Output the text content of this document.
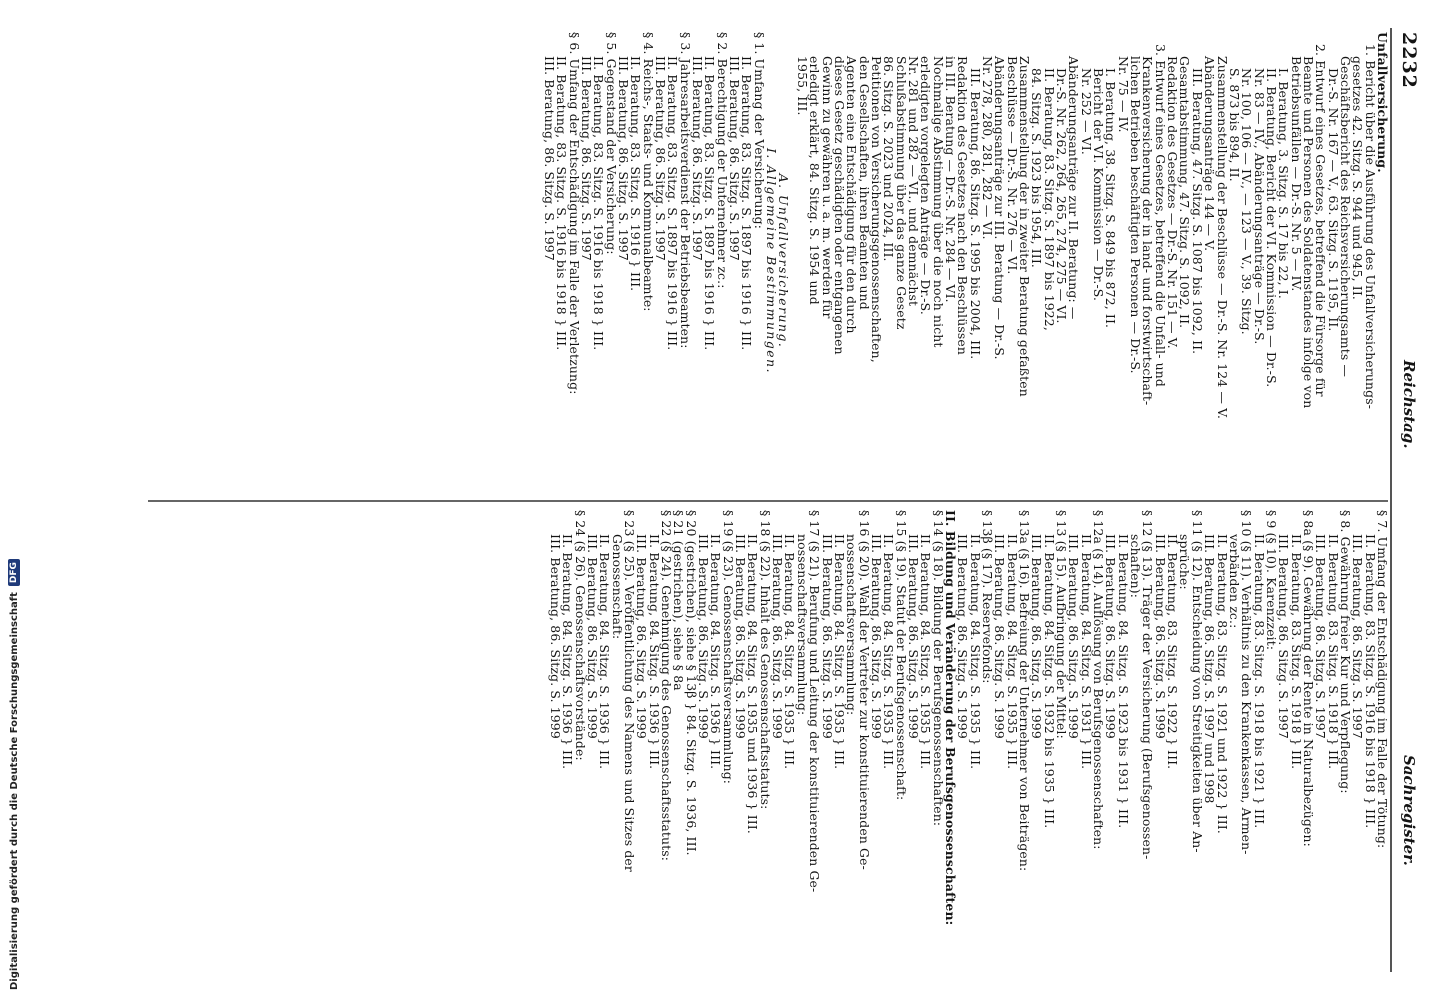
2232
Reichstag.
Sachregister.
Unfallversicherung.
1. Bericht über die Ausführung des Unfallversicherungs-
gesetzes 42. Sitzg. S. 944 und 945, II.
Geschäftsbericht des Reichsversicherungsamts —
Dr.-S. Nr. 167 — V., 63. Sitzg. S. 1195, II.
2. Entwurf eines Gesetzes, betreffend die Fürsorge für
Beamte und Personen des Soldatenstandes infolge von
Betriebsunfällen — Dr.-S. Nr. 5 — IV.
I. Beratung, 3. Sitzg. S. 17 bis 22, I.
II. Beratung, Bericht der VI. Kommission — Dr.-S.
Nr. 83 — IV., Abänderungsanträge — Dr.-S.
Nr. 100, 106 — IV., — 123 — V., 39. Sitzg.
S. 873 bis 894, II.
Zusammenstellung der Beschlüsse — Dr.-S. Nr. 124 — V.
Abänderungsanträge 144 — V.
III. Beratung, 47. Sitzg. S. 1087 bis 1092, II.
Gesamtabstimmung, 47. Sitzg. S. 1092, II.
Redaktion des Gesetzes — Dr.-S. Nr. 151 — V.
3. Entwurf eines Gesetzes, betreffend die Unfall- und
Krankenversicherung der in land- und forstwirtschaft-
lichen Betrieben beschäftigten Personen — Dr.-S.
Nr. 75 — IV.
I. Beratung, 38. Sitzg. S. 849 bis 872, II.
Bericht der VI. Kommission — Dr.-S.
Nr. 252 — VI.
Abänderungsanträge zur II. Beratung: —
Dr.-S. Nr. 262, 264, 265, 274, 275 — VI.
II. Beratung, 83. Sitzg. S. 1897 bis 1922,
84. Sitzg. S. 1923 bis 1954, III.
Zusammenstellung der in zweiter Beratung gefaßten
Beschlüsse — Dr.-S. Nr. 276 — VI.
Abänderungsanträge zur III. Beratung — Dr.-S.
Nr. 278, 280, 281, 282 — VI.
III. Beratung, 86. Sitzg. S. 1995 bis 2004, III.
Redaktion des Gesetzes nach den Beschlüssen
in III. Beratung — Dr.-S. Nr. 284 — VI.
Nochmalige Abstimmung über die noch nicht
erledigten vorgelegten Anträge — Dr.-S.
Nr. 281 und 282 — VI., und demnächst
Schlußabstimmung über das ganze Gesetz
86. Sitzg. S. 2023 und 2024, III.
Petitionen von Versicherungsgenossenschaften,
den Gesellschaften, ihren Beamten und
Agenten eine Entschädigung für den durch
dieses Gesetz geschädigten oder entgangenen
Gewinn zu gewähren u. a. m. werden für
erledigt erklärt, 84. Sitzg. S. 1954 und
1955, III.
A. Unfallversicherung.
I. Allgemeine Bestimmungen.
§ 1. Umfang der Versicherung:
II. Beratung, 83. Sitzg. S. 1897 bis 1916 } III.
III. Beratung, 86. Sitzg. S. 1997
§ 2. Berechtigung der Unternehmer zc.:
II. Beratung, 83. Sitzg. S. 1897 bis 1916 } III.
III. Beratung, 86. Sitzg. S. 1997
§ 3. Jahresarbeitsverdienst der Betriebsbeamten:
II. Beratung, 83. Sitzg. S. 1897 bis 1916 } III.
III. Beratung, 86. Sitzg. S. 1997
§ 4. Reichs-, Staats- und Kommunalbeamte:
II. Beratung, 83. Sitzg. S. 1916 } III.
III. Beratung, 86. Sitzg. S. 1997
§ 5. Gegenstand der Versicherung:
II. Beratung, 83. Sitzg. S. 1916 bis 1918 } III.
III. Beratung, 86. Sitzg. S. 1997
§ 6. Umfang der Entschädigung im Falle der Verletzung:
II. Beratung, 83. Sitzg. S. 1916 bis 1918 } III.
III. Beratung, 86. Sitzg. S. 1997
§ 7. Umfang der Entschädigung im Falle der Tötung:
II. Beratung, 83. Sitzg. S. 1916 bis 1918 } III.
III. Beratung, 86. Sitzg. S. 1997
§ 8. Gewährung freier Kur und Verpflegung:
II. Beratung, 83. Sitzg. S. 1918 } III.
III. Beratung, 86. Sitzg. S. 1997
§ 8a (§ 9). Gewährung der Rente in Naturalbezügen:
II. Beratung, 83. Sitzg. S. 1918 } III.
III. Beratung, 86. Sitzg. S. 1997
§ 9 (§ 10). Karenzzeit:
II. Beratung, 83. Sitzg. S. 1918 bis 1921 } III.
§ 10 (§ 11). Verhältnis zu den Krankenkassen, Armen-
verbänden zc.:
II. Beratung, 83. Sitzg. S. 1921 und 1922 } III.
III. Beratung, 86. Sitzg. S. 1997 und 1998
§ 11 (§ 12). Entscheidung von Streitigkeiten über An-
sprüche:
II. Beratung, 83. Sitzg. S. 1922 } III.
III. Beratung, 86. Sitzg. S. 1999
§ 12 (§ 13). Träger der Versicherung (Berufsgenossen-
schaften):
II. Beratung, 84. Sitzg. S. 1923 bis 1931 } III.
III. Beratung, 86. Sitzg. S. 1999
§ 12a (§ 14). Auflösung von Berufsgenossenschaften:
II. Beratung, 84. Sitzg. S. 1931 } III.
III. Beratung, 86. Sitzg. S. 1999
§ 13 (§ 15). Aufbringung der Mittel:
II. Beratung, 84. Sitzg. S. 1932 bis 1935 } III.
III. Beratung, 86. Sitzg. S. 1999
§ 13a (§ 16). Befreiung der Unternehmer von Beiträgen:
II. Beratung, 84. Sitzg. S. 1935 } III.
III. Beratung, 86. Sitzg. S. 1999
§ 13β (§ 17). Reservefonds:
II. Beratung, 84. Sitzg. S. 1935 } III.
III. Beratung, 86. Sitzg. S. 1999
II. Bildung und Veränderung der Berufsgenossenschaften:
§ 14 (§ 18). Bildung der Berufsgenossenschaften:
II. Beratung, 84. Sitzg. S. 1935 } III.
III. Beratung, 86. Sitzg. S. 1999
§ 15 (§ 19). Statut der Berufsgenossenschaft:
II. Beratung, 84. Sitzg. S. 1935 } III.
III. Beratung, 86. Sitzg. S. 1999
§ 16 (§ 20). Wahl der Vertreter zur konstituierenden Ge-
nossenschaftsversammlung:
II. Beratung, 84. Sitzg. S. 1935 } III.
III. Beratung, 86. Sitzg. S. 1999
§ 17 (§ 21). Berufung und Leitung der konstituierenden Ge-
nossenschaftsversammlung:
II. Beratung, 84. Sitzg. S. 1935 } III.
III. Beratung, 86. Sitzg. S. 1999
§ 18 (§ 22). Inhalt des Genossenschaftsstatuts:
II. Beratung, 84. Sitzg. S. 1935 und 1936 } III.
III. Beratung, 86. Sitzg. S. 1999
§ 19 (§ 23). Genossenschaftsversammlung:
II. Beratung, 84. Sitzg. S. 1936 } III.
III. Beratung, 86. Sitzg. S. 1999
§ 20 (gestrichen), siehe § 13β } 84. Sitzg. S. 1936, III.
§ 21 (gestrichen), siehe § 8a
§ 22 (§ 24). Genehmigung des Genossenschaftsstatuts:
II. Beratung, 84. Sitzg. S. 1936 } III.
III. Beratung, 86. Sitzg. S. 1999
§ 23 (§ 25). Veröffentlichung des Namens und Sitzes der
Genossenschaft:
II. Beratung, 84. Sitzg. S. 1936 } III.
III. Beratung, 86. Sitzg. S. 1999
§ 24 (§ 26). Genossenschaftsvorstände:
II. Beratung, 84. Sitzg. S. 1936 } III.
III. Beratung, 86. Sitzg. S. 1999
Digitalisierung gefördert durch die Deutsche Forschungsgemeinschaft
DFG
